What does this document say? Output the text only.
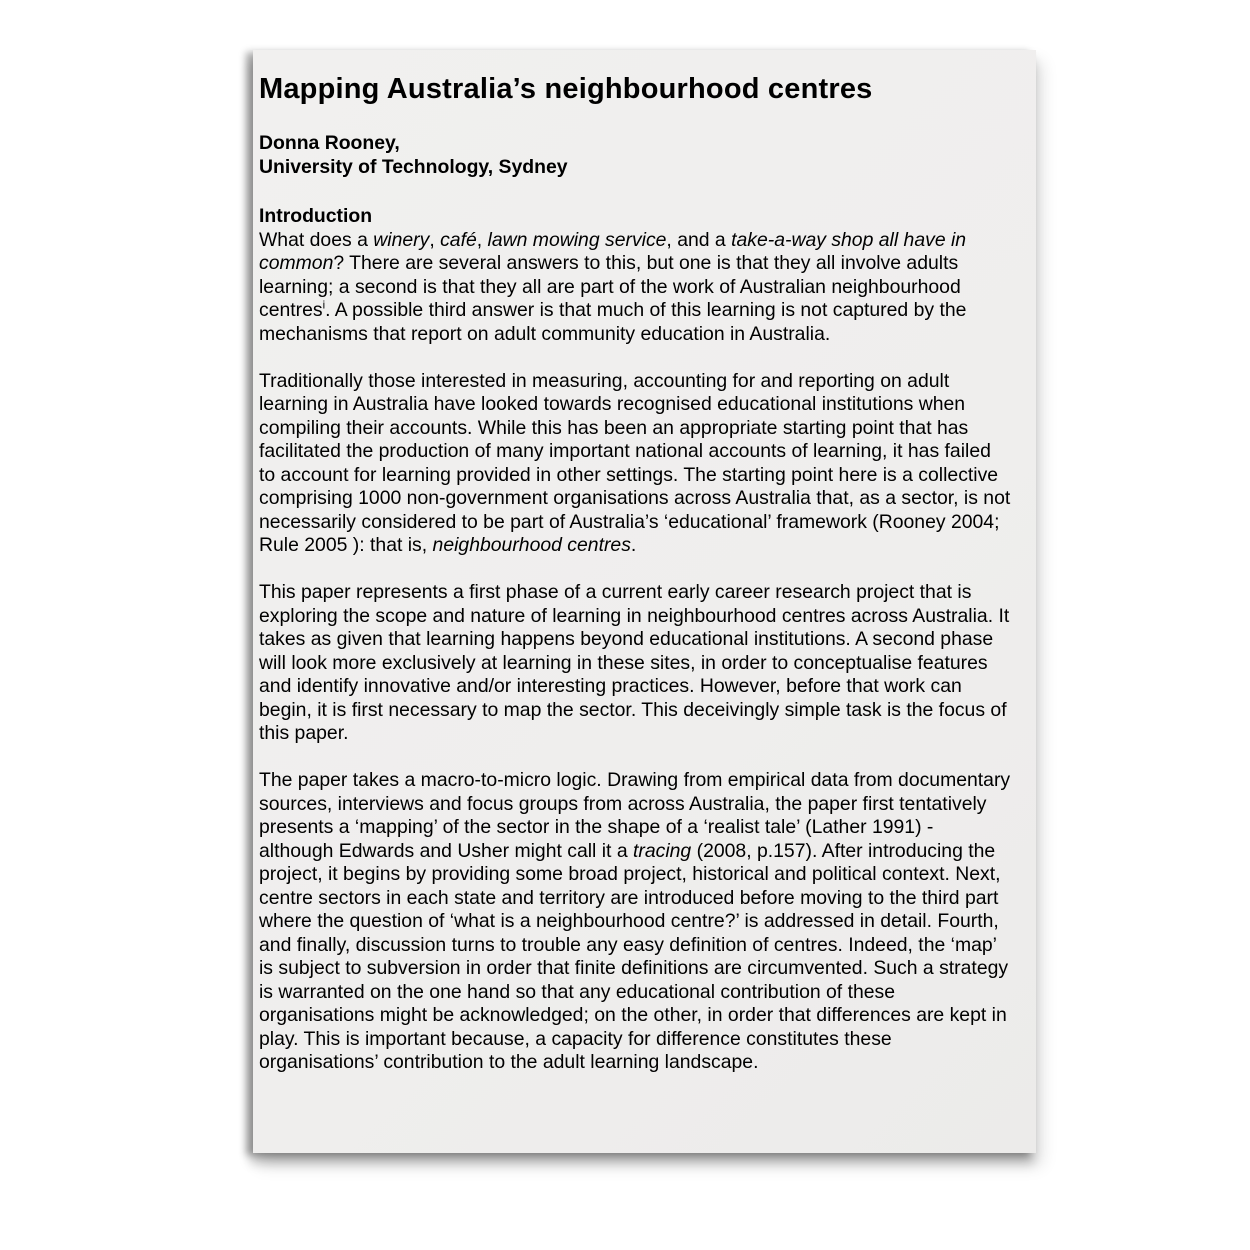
Mapping Australia’s neighbourhood centres
Donna Rooney,
University of Technology, Sydney
Introduction

What does a winery, café, lawn mowing service, and a take-a-way shop all have in common? There are several answers to this, but one is that they all involve adults learning; a second is that they all are part of the work of Australian neighbourhood centres$^i$. A possible third answer is that much of this learning is not captured by the mechanisms that report on adult community education in Australia.

Traditionally those interested in measuring, accounting for and reporting on adult learning in Australia have looked towards recognised educational institutions when compiling their accounts. While this has been an appropriate starting point that has facilitated the production of many important national accounts of learning, it has failed to account for learning provided in other settings. The starting point here is a collective comprising 1000 non-government organisations across Australia that, as a sector, is not necessarily considered to be part of Australia’s ‘educational’ framework (Rooney 2004; Rule 2005 ): that is, neighbourhood centres.

This paper represents a first phase of a current early career research project that is exploring the scope and nature of learning in neighbourhood centres across Australia. It takes as given that learning happens beyond educational institutions. A second phase will look more exclusively at learning in these sites, in order to conceptualise features and identify innovative and/or interesting practices. However, before that work can begin, it is first necessary to map the sector. This deceivingly simple task is the focus of this paper.

The paper takes a macro-to-micro logic. Drawing from empirical data from documentary sources, interviews and focus groups from across Australia, the paper first tentatively presents a ‘mapping’ of the sector in the shape of a ‘realist tale’ (Lather 1991) - although Edwards and Usher might call it a tracing (2008, p.157). After introducing the project, it begins by providing some broad project, historical and political context. Next, centre sectors in each state and territory are introduced before moving to the third part where the question of ‘what is a neighbourhood centre?’ is addressed in detail. Fourth, and finally, discussion turns to trouble any easy definition of centres. Indeed, the ‘map’ is subject to subversion in order that finite definitions are circumvented. Such a strategy is warranted on the one hand so that any educational contribution of these organisations might be acknowledged; on the other, in order that differences are kept in play. This is important because, a capacity for difference constitutes these organisations’ contribution to the adult learning landscape.
